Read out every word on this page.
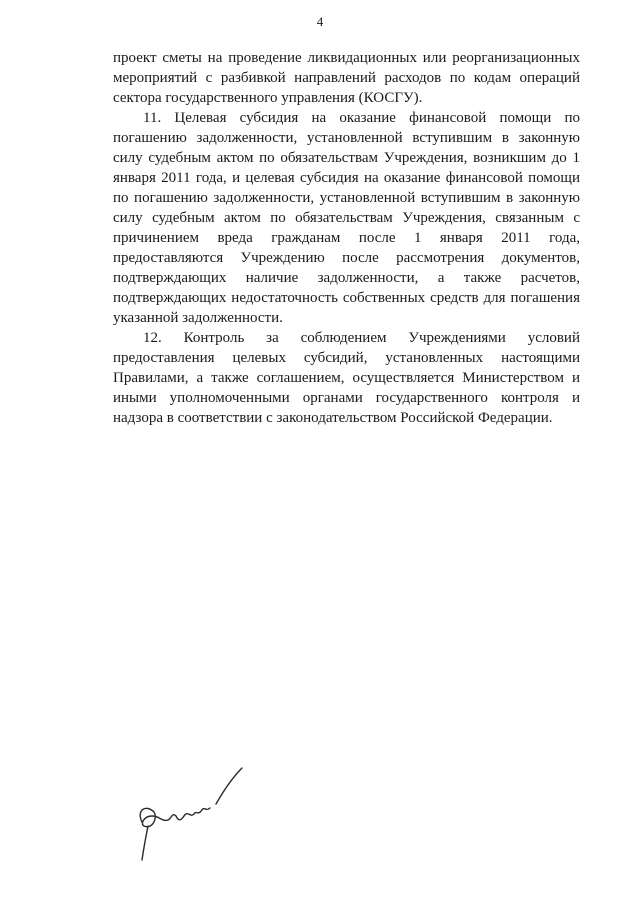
4

проект сметы на проведение ликвидационных или реорганизационных мероприятий с разбивкой направлений расходов по кодам операций сектора государственного управления (КОСГУ).

11. Целевая субсидия на оказание финансовой помощи по погашению задолженности, установленной вступившим в законную силу судебным актом по обязательствам Учреждения, возникшим до 1 января 2011 года, и целевая субсидия на оказание финансовой помощи по погашению задолженности, установленной вступившим в законную силу судебным актом по обязательствам Учреждения, связанным с причинением вреда гражданам после 1 января 2011 года, предоставляются Учреждению после рассмотрения документов, подтверждающих наличие задолженности, а также расчетов, подтверждающих недостаточность собственных средств для погашения указанной задолженности.

12. Контроль за соблюдением Учреждениями условий предоставления целевых субсидий, установленных настоящими Правилами, а также соглашением, осуществляется Министерством и иными уполномоченными органами государственного контроля и надзора в соответствии с законодательством Российской Федерации.
